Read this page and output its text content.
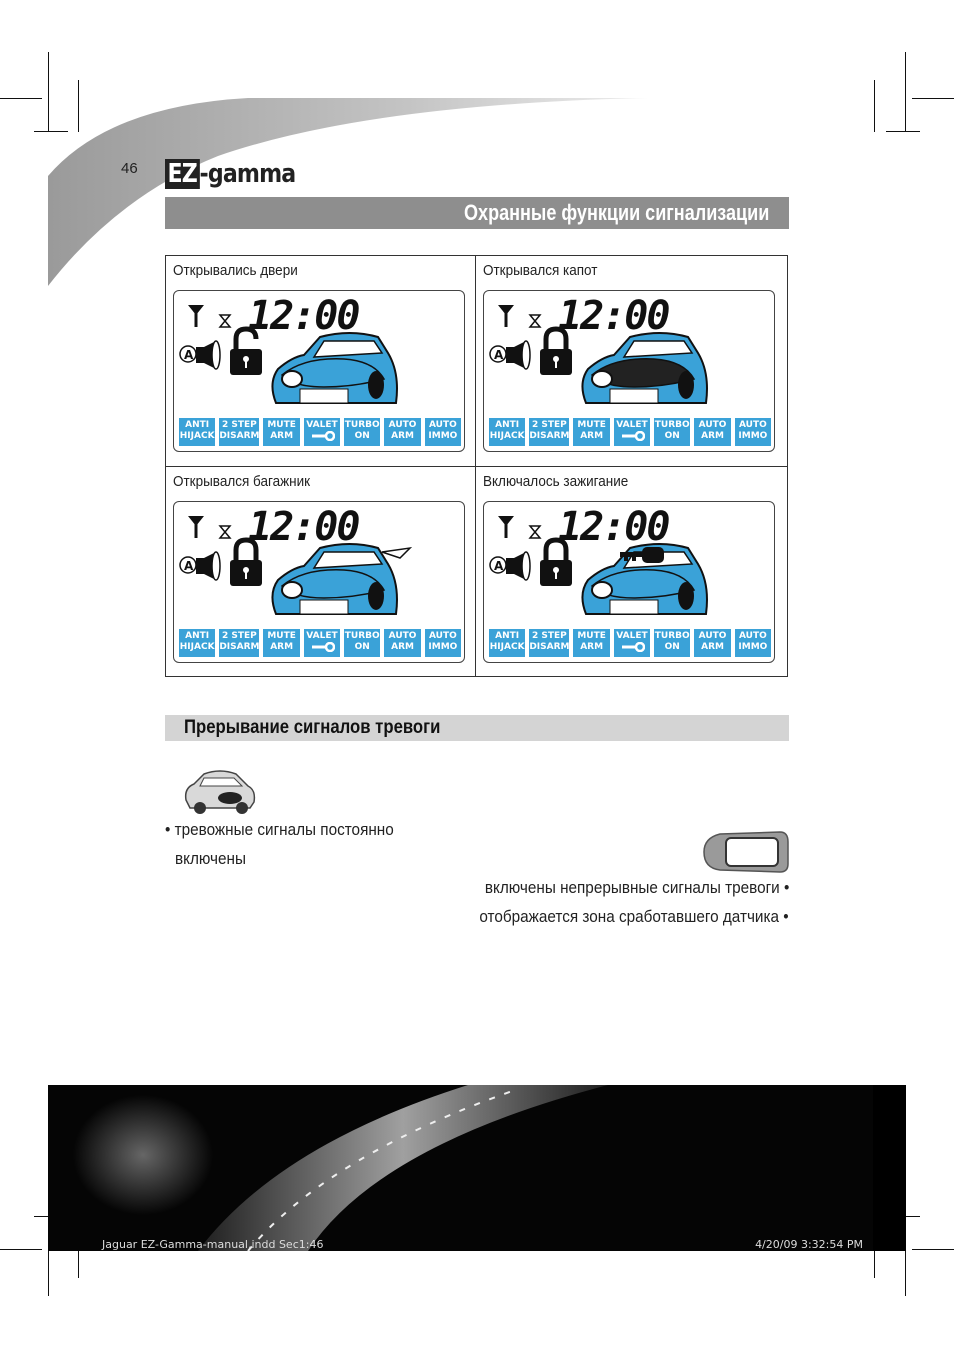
46 EZ-gamma
Охранные функции сигнализации
Открывались двери
A
12:00
ANTI
HIJACK
2 STEP
DISARM
MUTE
ARM
VALET TURBO
ON
AUTO
ARM
AUTO
IMMO
Открывался капот
A
12:00
ANTI
HIJACK
2 STEP
DISARM
MUTE
ARM
VALET TURBO
ON
AUTO
ARM
AUTO
IMMO
Открывался багажник
A
12:00
ANTI
HIJACK
2 STEP
DISARM
MUTE
ARM
VALET TURBO
ON
AUTO
ARM
AUTO
IMMO
Включалось зажигание
A
12:00
ANTI
HIJACK
2 STEP
DISARM
MUTE
ARM
VALET TURBO
ON
AUTO
ARM
AUTO
IMMO
Прерывание сигналов тревоги
• тревожные сигналы постоянно
включены
включены непрерывные сигналы тревоги •
отображается зона сработавшего датчика •
Jaguar EZ-Gamma-manual.indd Sec1:46	4/20/09 3:32:54 PM
